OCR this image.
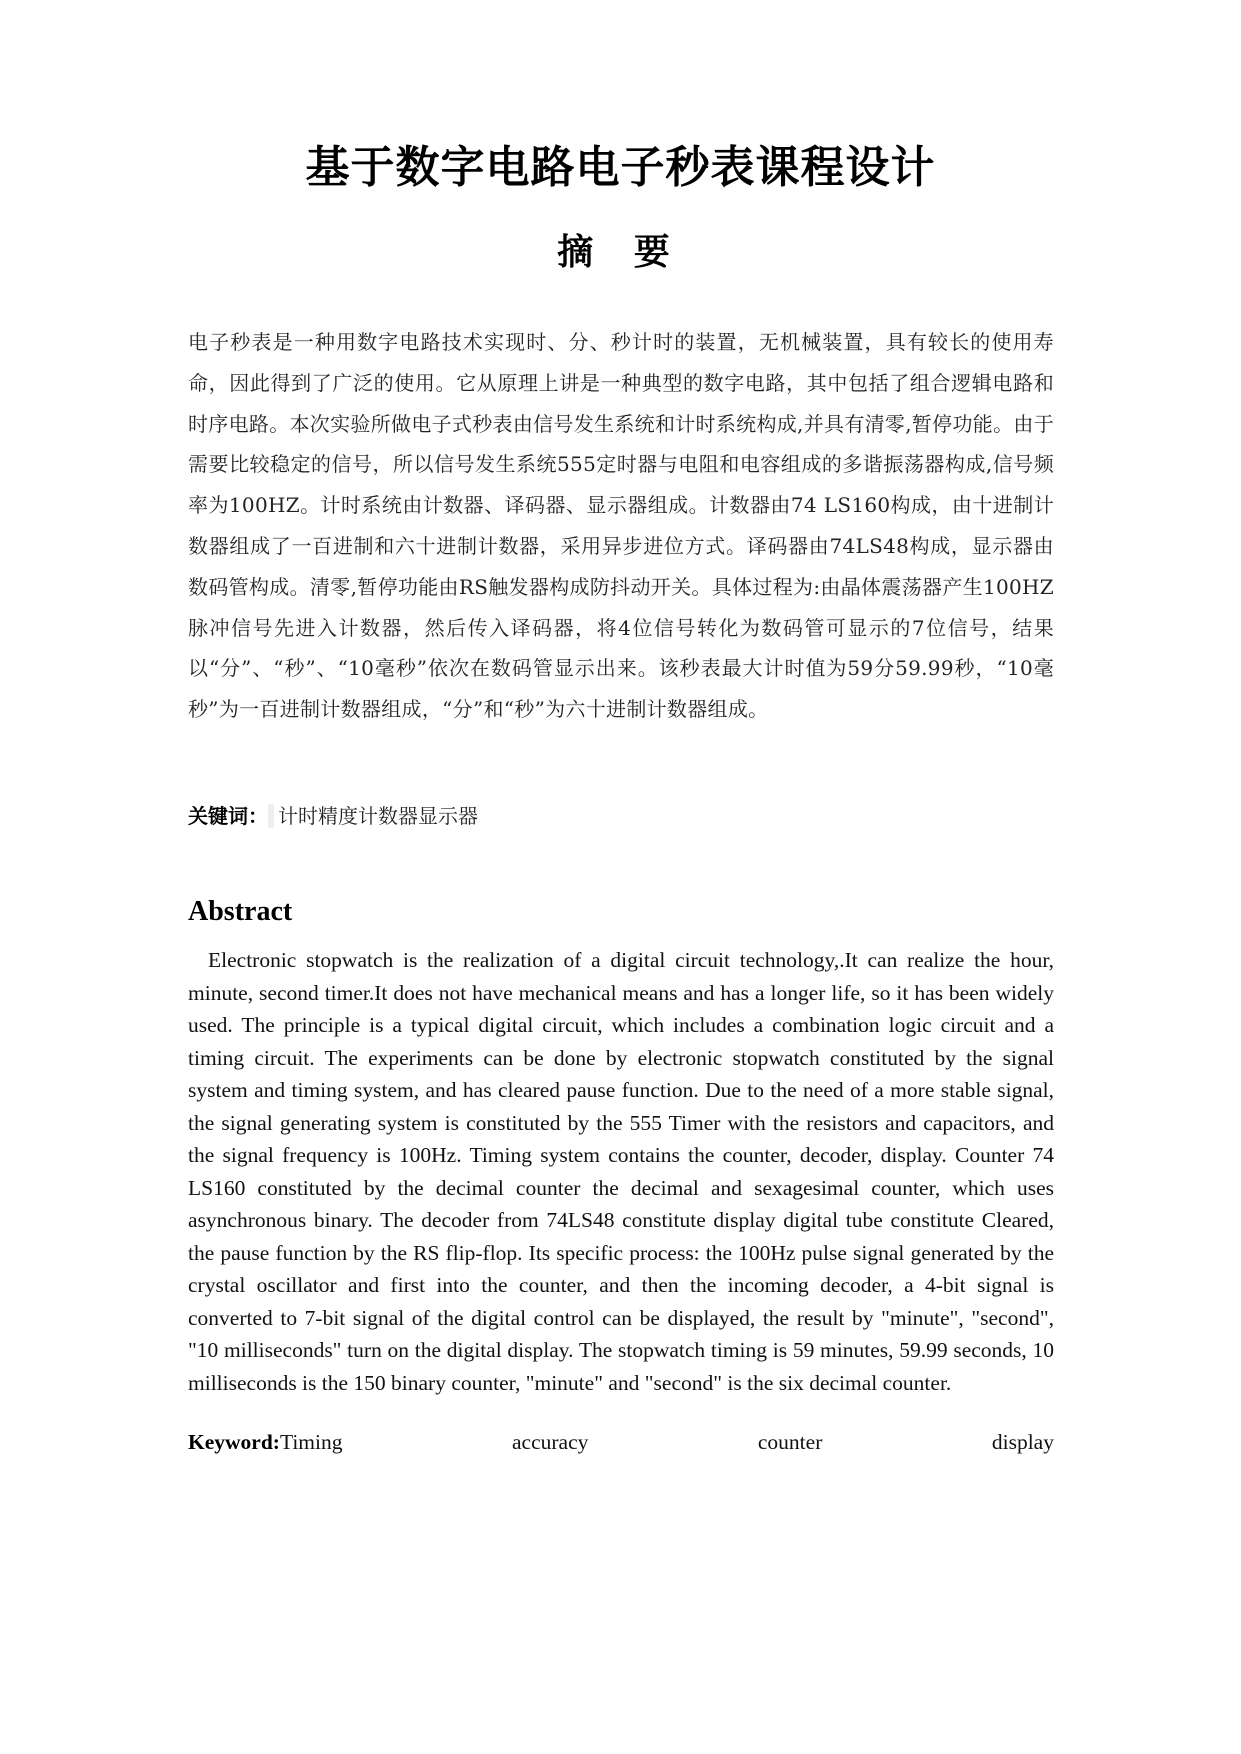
基于数字电路电子秒表课程设计
摘 要
电子秒表是一种用数字电路技术实现时、分、秒计时的装置，无机械装置，具有较长的使用寿命，因此得到了广泛的使用。它从原理上讲是一种典型的数字电路，其中包括了组合逻辑电路和时序电路。本次实验所做电子式秒表由信号发生系统和计时系统构成,并具有清零,暂停功能。由于需要比较稳定的信号，所以信号发生系统555定时器与电阻和电容组成的多谐振荡器构成,信号频率为100HZ。计时系统由计数器、译码器、显示器组成。计数器由74 LS160构成，由十进制计数器组成了一百进制和六十进制计数器，采用异步进位方式。译码器由74LS48构成，显示器由数码管构成。清零,暂停功能由RS触发器构成防抖动开关。具体过程为:由晶体震荡器产生100HZ脉冲信号先进入计数器，然后传入译码器，将4位信号转化为数码管可显示的7位信号，结果以“分”、“秒”、“10毫秒”依次在数码管显示出来。该秒表最大计时值为59分59.99秒，“10毫秒”为一百进制计数器组成，“分”和“秒”为六十进制计数器组成。
关键词： 计时精度计数器显示器
Abstract
Electronic stopwatch is the realization of a digital circuit technology,.It can realize the hour, minute, second timer.It does not have mechanical means and has a longer life, so it has been widely used. The principle is a typical digital circuit, which includes a combination logic circuit and a timing circuit. The experiments can be done by electronic stopwatch constituted by the signal system and timing system, and has cleared pause function. Due to the need of a more stable signal, the signal generating system is constituted by the 555 Timer with the resistors and capacitors, and the signal frequency is 100Hz. Timing system contains the counter, decoder, display. Counter 74 LS160 constituted by the decimal counter the decimal and sexagesimal counter, which uses asynchronous binary. The decoder from 74LS48 constitute display digital tube constitute Cleared, the pause function by the RS flip-flop. Its specific process: the 100Hz pulse signal generated by the crystal oscillator and first into the counter, and then the incoming decoder, a 4-bit signal is converted to 7-bit signal of the digital control can be displayed, the result by "minute", "second", "10 milliseconds" turn on the digital display. The stopwatch timing is 59 minutes, 59.99 seconds, 10 milliseconds is the 150 binary counter, "minute" and "second" is the six decimal counter.
Keyword:Timing	accuracy	counter	display
